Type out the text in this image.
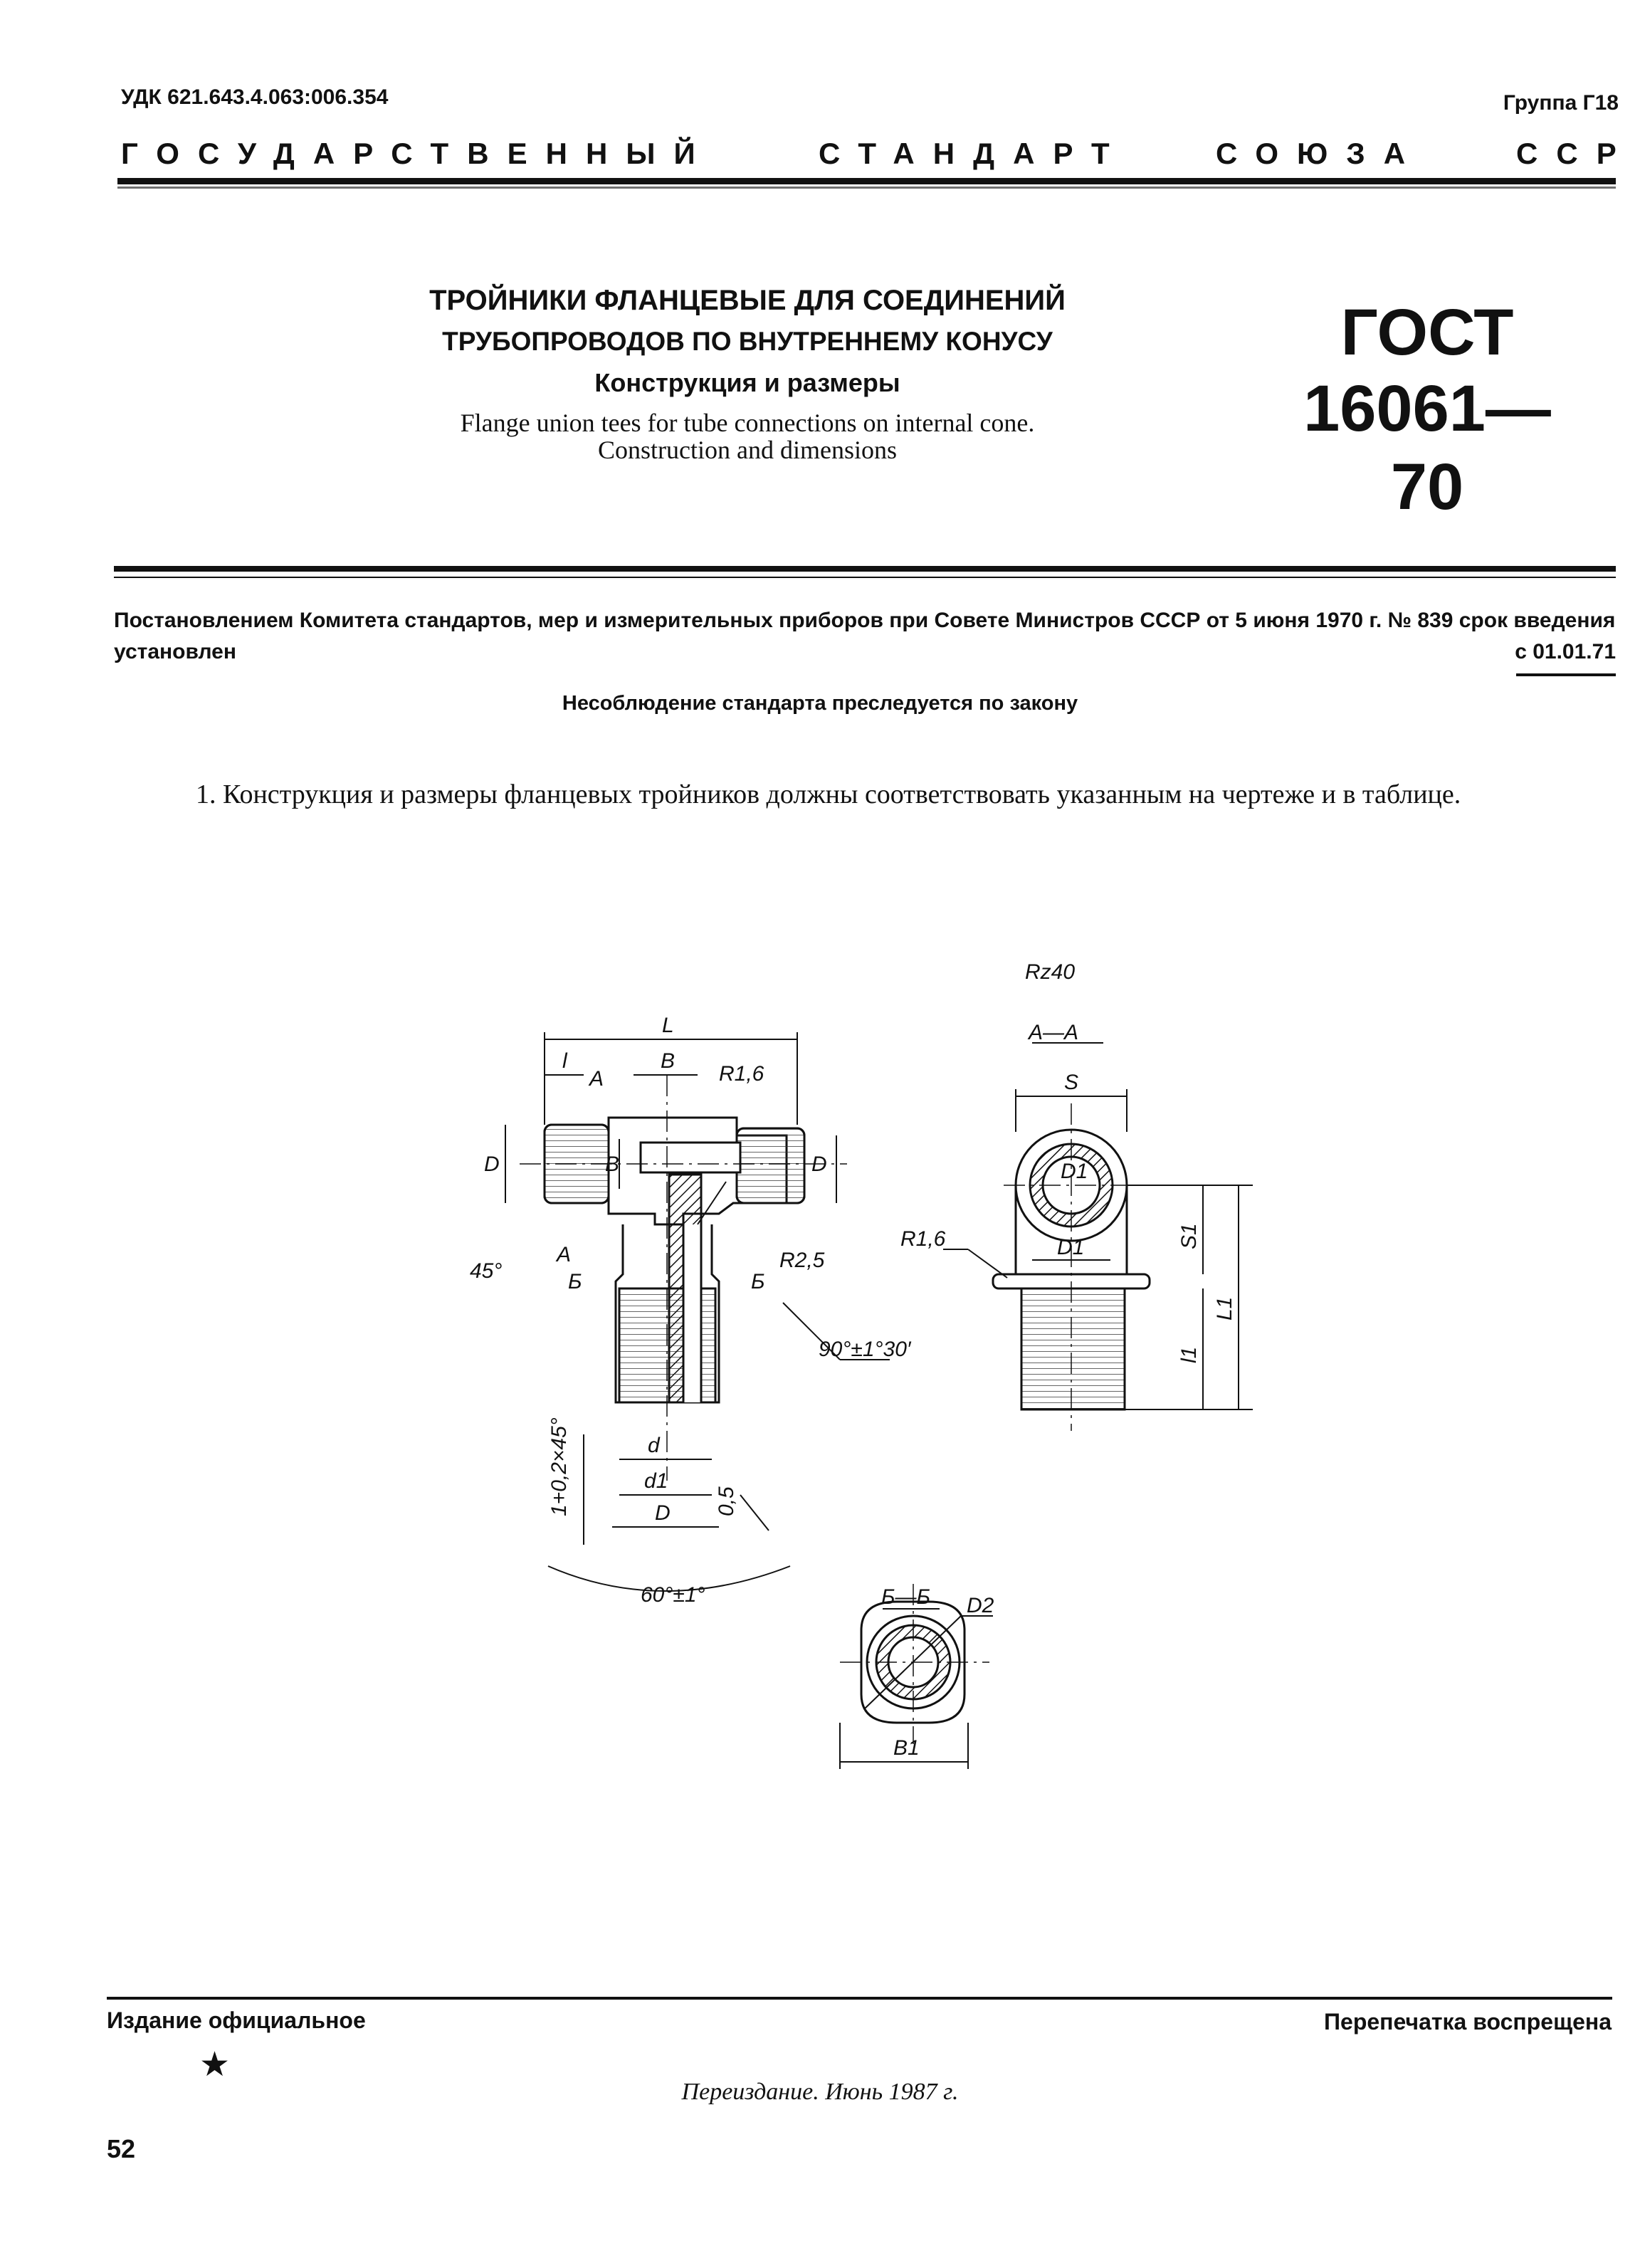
УДК 621.643.4.063:006.354	Группа Г18
ГОСУДАРСТВЕННЫЙ	СТАНДАРТ	СОЮЗА	ССР
ТРОЙНИКИ ФЛАНЦЕВЫЕ ДЛЯ СОЕДИНЕНИЙ
ТРУБОПРОВОДОВ ПО ВНУТРЕННЕМУ КОНУСУ
Конструкция и размеры
Flange union tees for tube connections on internal cone.
Construction and dimensions
ГОСТ
16061—70
Постановлением Комитета стандартов, мер и измерительных приборов при Совете Министров СССР от 5 июня 1970 г. № 839 срок введения установлен	с 01.01.71
Несоблюдение стандарта преследуется по закону
1. Конструкция и размеры фланцевых тройников должны соответствовать указанным на чертеже и в таблице.
L
l
А
B
R1,6
D	D
B
45°
А
Б	Б
R2,5
90°±1°30′
d
d1
D
1+0,2×45°	0,5
60°±1°
Rz40
А—А
S
D1
D1
R1,6	S1
L1
l1
Б—Б D2
B1
Издание официальное	Перепечатка воспрещена
★
Переиздание. Июнь 1987 г.
52
